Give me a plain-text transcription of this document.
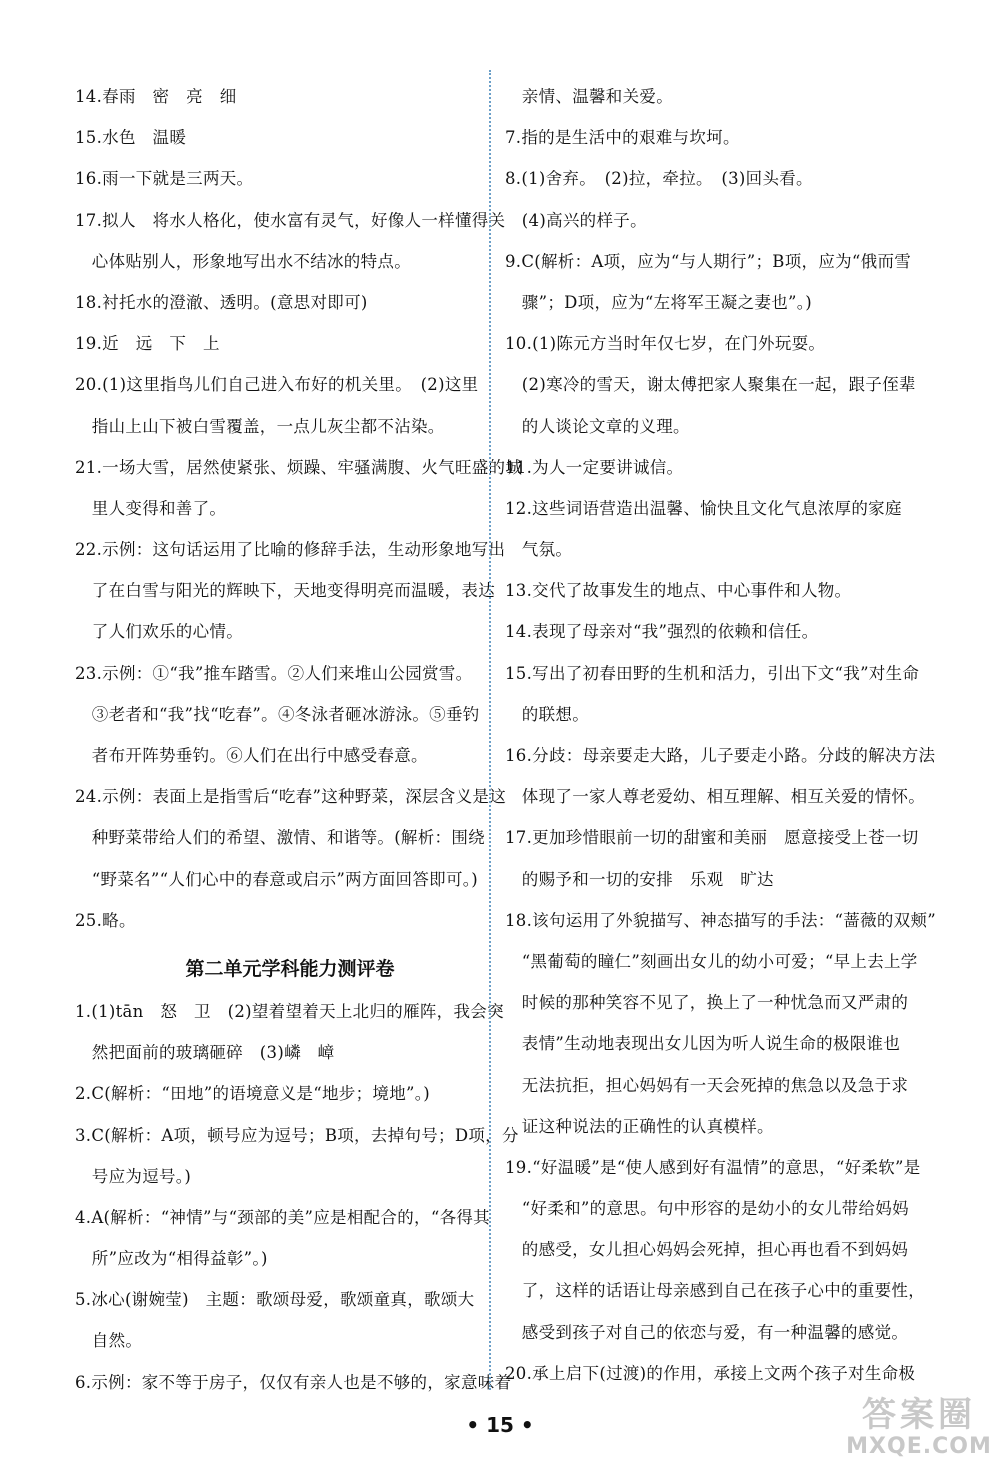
14.春雨　密　亮　细
15.水色　温暖
16.雨一下就是三两天。
17.拟人　将水人格化，使水富有灵气，好像人一样懂得关
　心体贴别人，形象地写出水不结冰的特点。
18.衬托水的澄澈、透明。(意思对即可)
19.近　远　下　上
20.(1)这里指鸟儿们自己进入布好的机关里。　(2)这里
　指山上山下被白雪覆盖，一点儿灰尘都不沾染。
21.一场大雪，居然使紧张、烦躁、牢骚满腹、火气旺盛的城
　里人变得和善了。
22.示例：这句话运用了比喻的修辞手法，生动形象地写出
　了在白雪与阳光的辉映下，天地变得明亮而温暖，表达
　了人们欢乐的心情。
23.示例：①“我”推车踏雪。②人们来堆山公园赏雪。
　③老者和“我”找“吃春”。④冬泳者砸冰游泳。⑤垂钓
　者布开阵势垂钓。⑥人们在出行中感受春意。
24.示例：表面上是指雪后“吃春”这种野菜，深层含义是这
　种野菜带给人们的希望、激情、和谐等。(解析：围绕
　“野菜名”“人们心中的春意或启示”两方面回答即可。)
25.略。
第二单元学科能力测评卷
1.(1)tān　怒　卫　(2)望着望着天上北归的雁阵，我会突
　然把面前的玻璃砸碎　(3)嶙　嶂
2.C(解析：“田地”的语境意义是“地步；境地”。)
3.C(解析：A项，顿号应为逗号；B项，去掉句号；D项，分
　号应为逗号。)
4.A(解析：“神情”与“颈部的美”应是相配合的，“各得其
　所”应改为“相得益彰”。)
5.冰心(谢婉莹)　主题：歌颂母爱，歌颂童真，歌颂大
　自然。
6.示例：家不等于房子，仅仅有亲人也是不够的，家意味着
　亲情、温馨和关爱。
7.指的是生活中的艰难与坎坷。
8.(1)舍弃。　(2)拉，牵拉。　(3)回头看。
　(4)高兴的样子。
9.C(解析：A项，应为“与人期行”；B项，应为“俄而雪
　骤”；D项，应为“左将军王凝之妻也”。)
10.(1)陈元方当时年仅七岁，在门外玩耍。
　(2)寒冷的雪天，谢太傅把家人聚集在一起，跟子侄辈
　的人谈论文章的义理。
11.为人一定要讲诚信。
12.这些词语营造出温馨、愉快且文化气息浓厚的家庭
　气氛。
13.交代了故事发生的地点、中心事件和人物。
14.表现了母亲对“我”强烈的依赖和信任。
15.写出了初春田野的生机和活力，引出下文“我”对生命
　的联想。
16.分歧：母亲要走大路，儿子要走小路。分歧的解决方法
　体现了一家人尊老爱幼、相互理解、相互关爱的情怀。
17.更加珍惜眼前一切的甜蜜和美丽　愿意接受上苍一切
　的赐予和一切的安排　乐观　旷达
18.该句运用了外貌描写、神态描写的手法：“蔷薇的双颊”
　“黑葡萄的瞳仁”刻画出女儿的幼小可爱；“早上去上学
　时候的那种笑容不见了，换上了一种忧急而又严肃的
　表情”生动地表现出女儿因为听人说生命的极限谁也
　无法抗拒，担心妈妈有一天会死掉的焦急以及急于求
　证这种说法的正确性的认真模样。
19.“好温暖”是“使人感到好有温情”的意思，“好柔软”是
　“好柔和”的意思。句中形容的是幼小的女儿带给妈妈
　的感受，女儿担心妈妈会死掉，担心再也看不到妈妈
　了，这样的话语让母亲感到自己在孩子心中的重要性，
　感受到孩子对自己的依恋与爱，有一种温馨的感觉。
20.承上启下(过渡)的作用，承接上文两个孩子对生命极
• 15 •	答案圈
MXQE.COM
